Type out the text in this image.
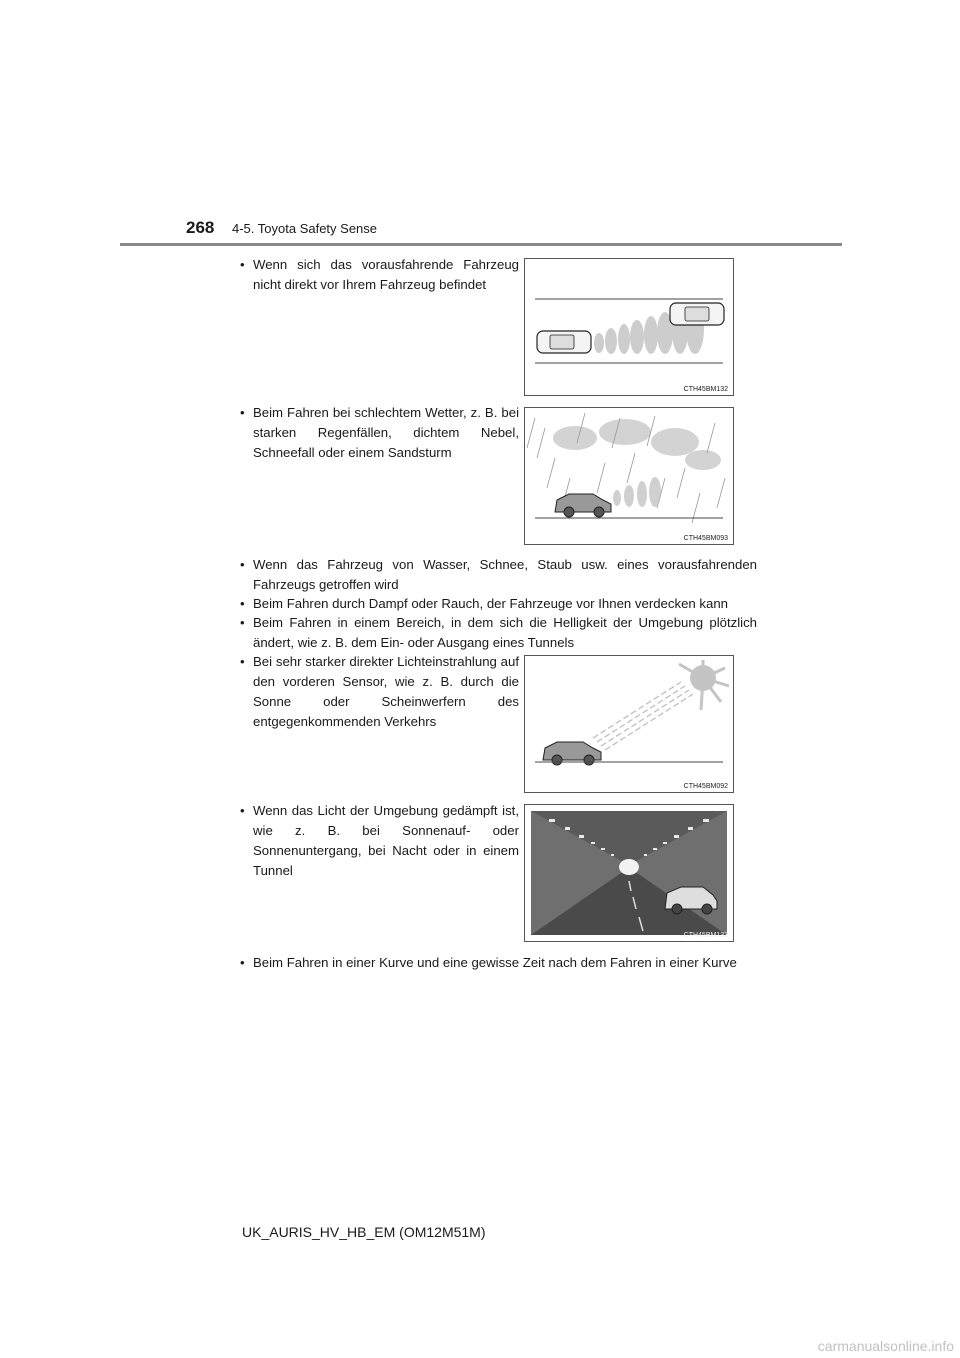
268 4-5. Toyota Safety Sense
• Wenn sich das vorausfahrende Fahrzeug nicht direkt vor Ihrem Fahrzeug befindet

CTH45BM132
• Beim Fahren bei schlechtem Wetter, z. B. bei starken Regenfällen, dichtem Nebel, Schneefall oder einem Sandsturm

CTH45BM093
• Wenn das Fahrzeug von Wasser, Schnee, Staub usw. eines vorausfahrenden Fahrzeugs getroffen wird

• Beim Fahren durch Dampf oder Rauch, der Fahrzeuge vor Ihnen verdecken kann

• Beim Fahren in einem Bereich, in dem sich die Helligkeit der Umgebung plötzlich ändert, wie z. B. dem Ein- oder Ausgang eines Tunnels

• Bei sehr starker direkter Lichteinstrahlung auf den vorderen Sensor, wie z. B. durch die Sonne oder Scheinwerfern des entgegenkommenden Verkehrs

CTH45BM092
• Wenn das Licht der Umgebung gedämpft ist, wie z. B. bei Sonnenauf- oder Sonnenuntergang, bei Nacht oder in einem Tunnel

CTH45BM133
• Beim Fahren in einer Kurve und eine gewisse Zeit nach dem Fahren in einer Kurve

UK_AURIS_HV_HB_EM (OM12M51M)
carmanualsonline.info
